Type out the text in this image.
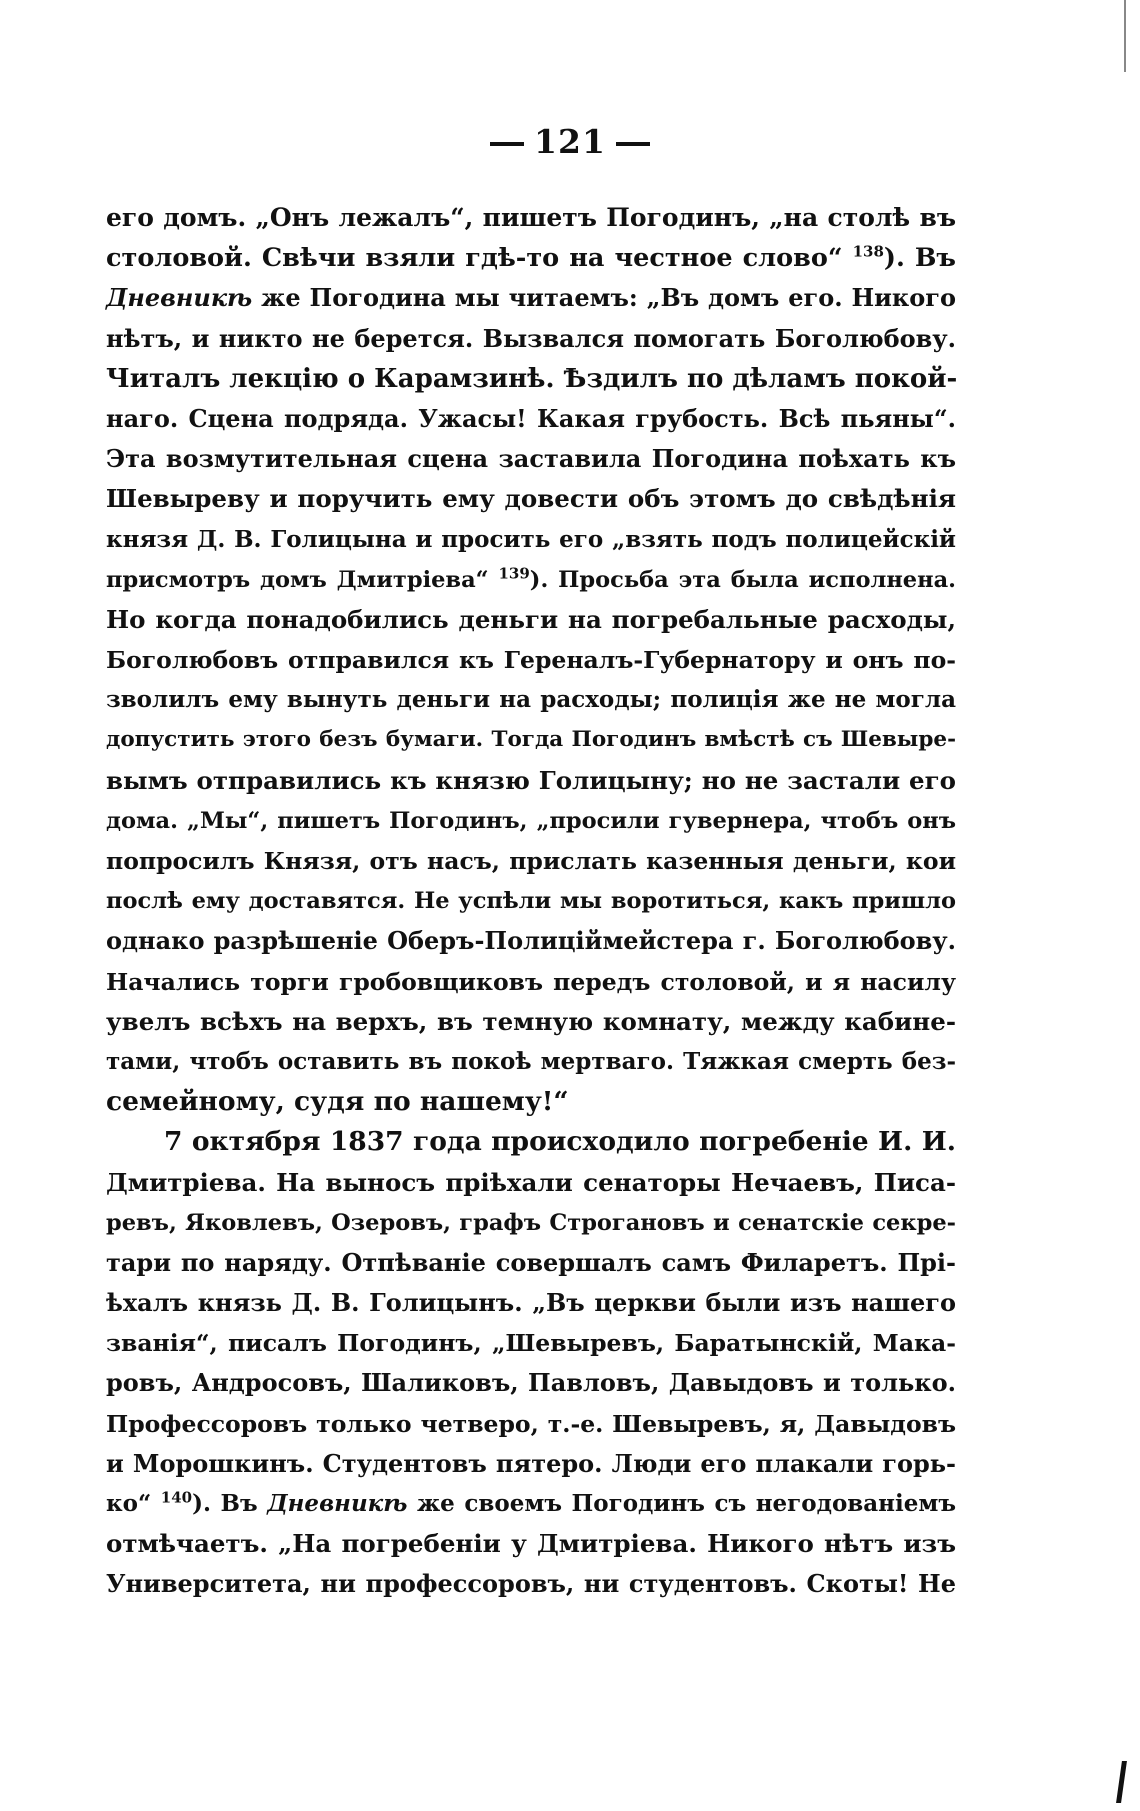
121
его домъ. „Онъ лежалъ“, пишетъ Погодинъ, „на столѣ въ
столовой. Свѣчи взяли гдѣ-то на честное слово“ $^{138}$). Въ
Дневникѣ же Погодина мы читаемъ: „Въ домъ его. Никого
нѣтъ, и никто не берется. Вызвался помогать Боголюбову.
Читалъ лекцію о Карамзинѣ. Ѣздилъ по дѣламъ покой-
наго. Сцена подряда. Ужасы! Какая грубость. Всѣ пьяны“.
Эта возмутительная сцена заставила Погодина поѣхать къ
Шевыреву и поручить ему довести объ этомъ до свѣдѣнія
князя Д. В. Голицына и просить его „взять подъ полицейскій
присмотръ домъ Дмитріева“ $^{139}$). Просьба эта была исполнена.
Но когда понадобились деньги на погребальные расходы,
Боголюбовъ отправился къ Гереналъ-Губернатору и онъ по-
зволилъ ему вынуть деньги на расходы; полиція же не могла
допустить этого безъ бумаги. Тогда Погодинъ вмѣстѣ съ Шевыре-
вымъ отправились къ князю Голицыну; но не застали его
дома. „Мы“, пишетъ Погодинъ, „просили гувернера, чтобъ онъ
попросилъ Князя, отъ насъ, прислать казенныя деньги, кои
послѣ ему доставятся. Не успѣли мы воротиться, какъ пришло
однако разрѣшеніе Оберъ-Полиціймейстера г. Боголюбову.
Начались торги гробовщиковъ передъ столовой, и я насилу
увелъ всѣхъ на верхъ, въ темную комнату, между кабине-
тами, чтобъ оставить въ покоѣ мертваго. Тяжкая смерть без-
семейному, судя по нашему!“
7 октября 1837 года происходило погребеніе И. И.
Дмитріева. На выносъ пріѣхали сенаторы Нечаевъ, Писа-
ревъ, Яковлевъ, Озеровъ, графъ Строгановъ и сенатскіе секре-
тари по наряду. Отпѣваніе совершалъ самъ Филаретъ. Прі-
ѣхалъ князь Д. В. Голицынъ. „Въ церкви были изъ нашего
званія“, писалъ Погодинъ, „Шевыревъ, Баратынскій, Мака-
ровъ, Андросовъ, Шаликовъ, Павловъ, Давыдовъ и только.
Профессоровъ только четверо, т.-е. Шевыревъ, я, Давыдовъ
и Морошкинъ. Студентовъ пятеро. Люди его плакали горь-
ко“ $^{140}$). Въ Дневникѣ же своемъ Погодинъ съ негодованіемъ
отмѣчаетъ. „На погребеніи у Дмитріева. Никого нѣтъ изъ
Университета, ни профессоровъ, ни студентовъ. Скоты! Не
